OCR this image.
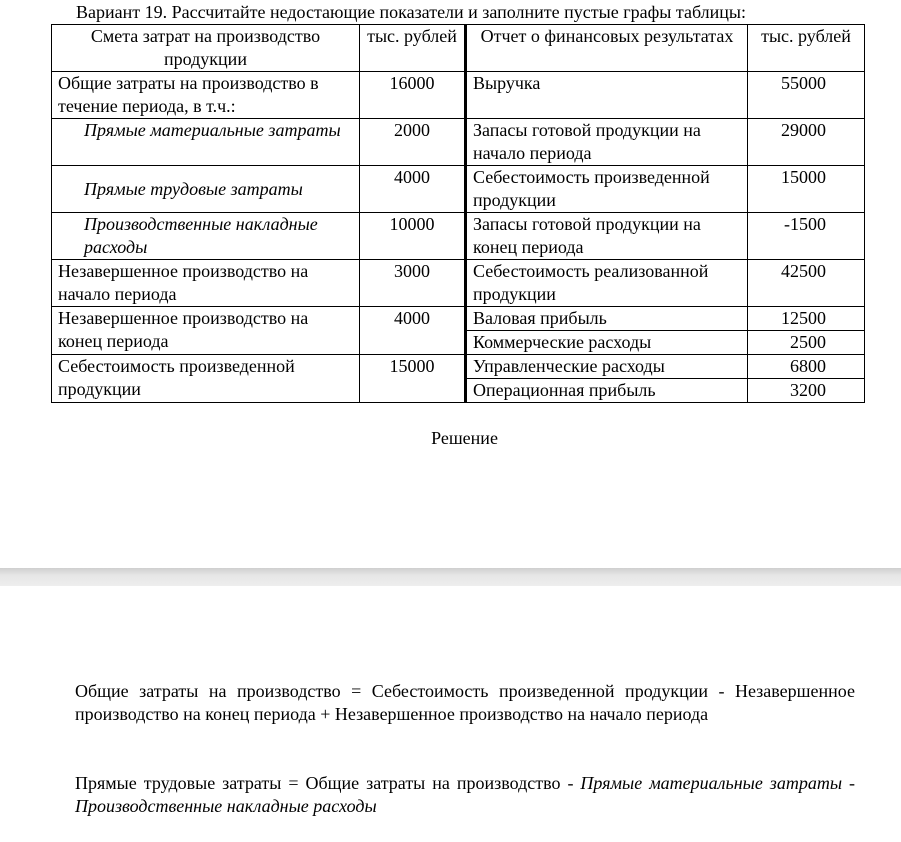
Вариант 19. Рассчитайте недостающие показатели и заполните пустые графы таблицы:
Смета затрат на производство продукции	тыс. рублей	Отчет о финансовых результатах	тыс. рублей
Общие затраты на производство в течение периода, в т.ч.:	16000	Выручка	55000
Прямые материальные затраты	2000	Запасы готовой продукции на начало периода	29000
Прямые трудовые затраты	4000	Себестоимость произведенной продукции	15000
Производственные накладные расходы	10000	Запасы готовой продукции на конец периода	-1500
Незавершенное производство на начало периода	3000	Себестоимость реализованной продукции	42500
Незавершенное производство на конец периода	4000	Валовая прибыль	12500
		Коммерческие расходы	2500
Себестоимость произведенной продукции	15000	Управленческие расходы	6800
		Операционная прибыль	3200
Решение
Общие затраты на производство = Себестоимость произведенной продукции - Незавершенное производство на конец периода + Незавершенное производство на начало периода
Прямые трудовые затраты = Общие затраты на производство - Прямые материальные затраты - Производственные накладные расходы
